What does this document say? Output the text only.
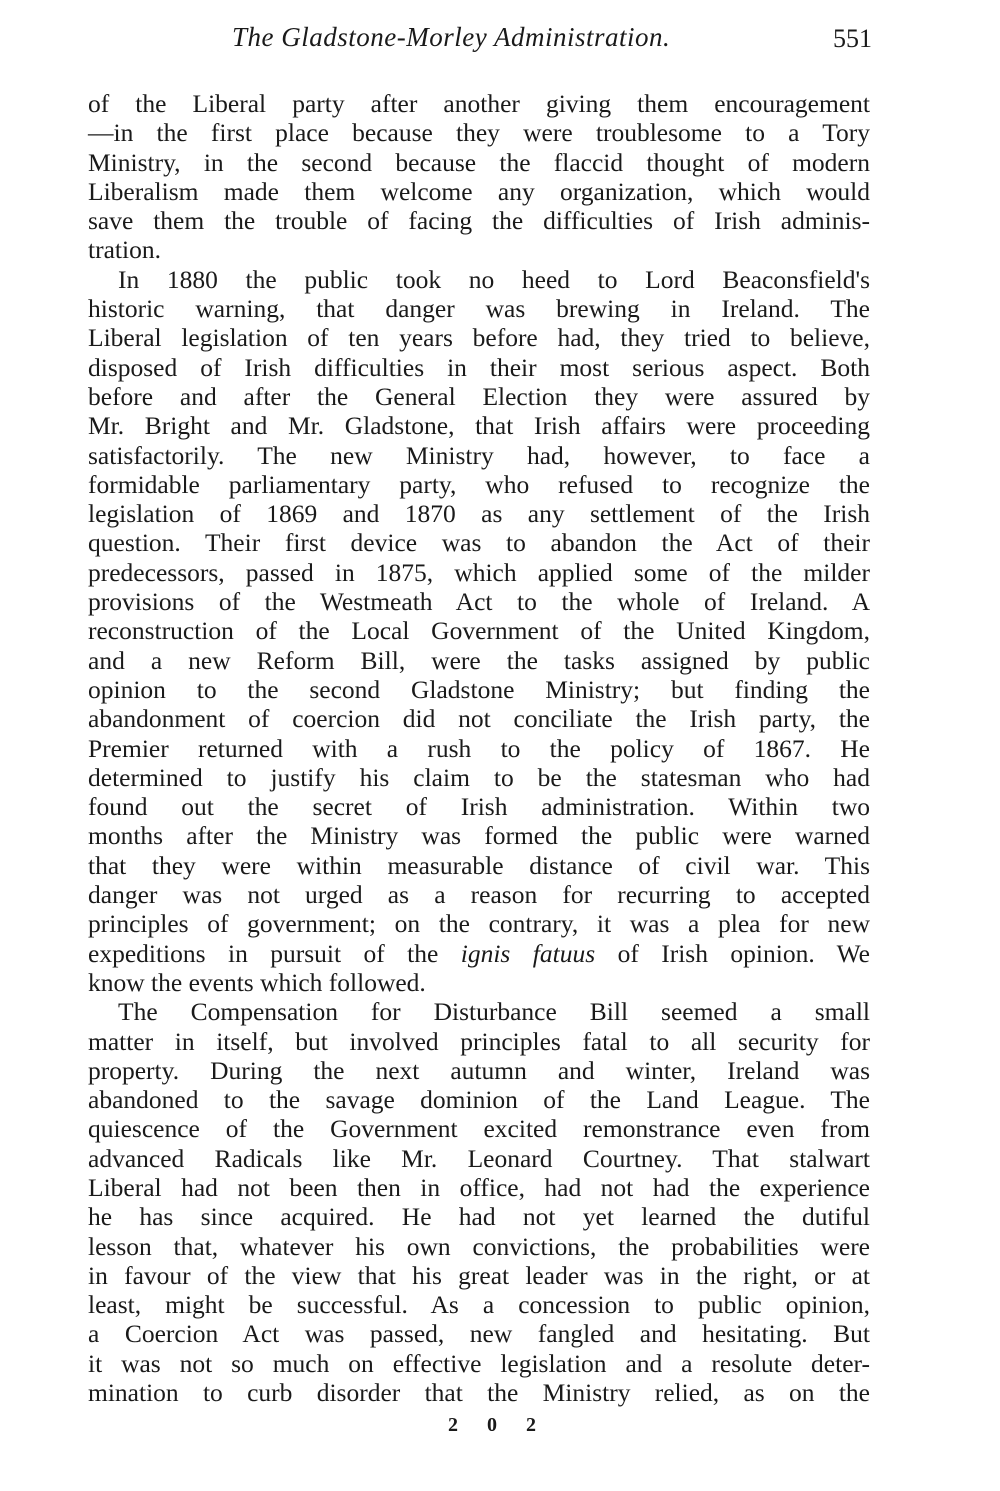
The Gladstone-Morley Administration.	551
of the Liberal party after another giving them encouragement
—in the first place because they were troublesome to a Tory
Ministry, in the second because the flaccid thought of modern
Liberalism made them welcome any organization, which would
save them the trouble of facing the difficulties of Irish adminis-
tration.
In 1880 the public took no heed to Lord Beaconsfield's
historic warning, that danger was brewing in Ireland. The
Liberal legislation of ten years before had, they tried to believe,
disposed of Irish difficulties in their most serious aspect. Both
before and after the General Election they were assured by
Mr. Bright and Mr. Gladstone, that Irish affairs were proceeding
satisfactorily. The new Ministry had, however, to face a
formidable parliamentary party, who refused to recognize the
legislation of 1869 and 1870 as any settlement of the Irish
question. Their first device was to abandon the Act of their
predecessors, passed in 1875, which applied some of the milder
provisions of the Westmeath Act to the whole of Ireland. A
reconstruction of the Local Government of the United Kingdom,
and a new Reform Bill, were the tasks assigned by public
opinion to the second Gladstone Ministry; but finding the
abandonment of coercion did not conciliate the Irish party, the
Premier returned with a rush to the policy of 1867. He
determined to justify his claim to be the statesman who had
found out the secret of Irish administration. Within two
months after the Ministry was formed the public were warned
that they were within measurable distance of civil war. This
danger was not urged as a reason for recurring to accepted
principles of government; on the contrary, it was a plea for new
expeditions in pursuit of the ignis fatuus of Irish opinion. We
know the events which followed.
The Compensation for Disturbance Bill seemed a small
matter in itself, but involved principles fatal to all security for
property. During the next autumn and winter, Ireland was
abandoned to the savage dominion of the Land League. The
quiescence of the Government excited remonstrance even from
advanced Radicals like Mr. Leonard Courtney. That stalwart
Liberal had not been then in office, had not had the experience
he has since acquired. He had not yet learned the dutiful
lesson that, whatever his own convictions, the probabilities were
in favour of the view that his great leader was in the right, or at
least, might be successful. As a concession to public opinion,
a Coercion Act was passed, new fangled and hesitating. But
it was not so much on effective legislation and a resolute deter-
mination to curb disorder that the Ministry relied, as on the
2 0 2
